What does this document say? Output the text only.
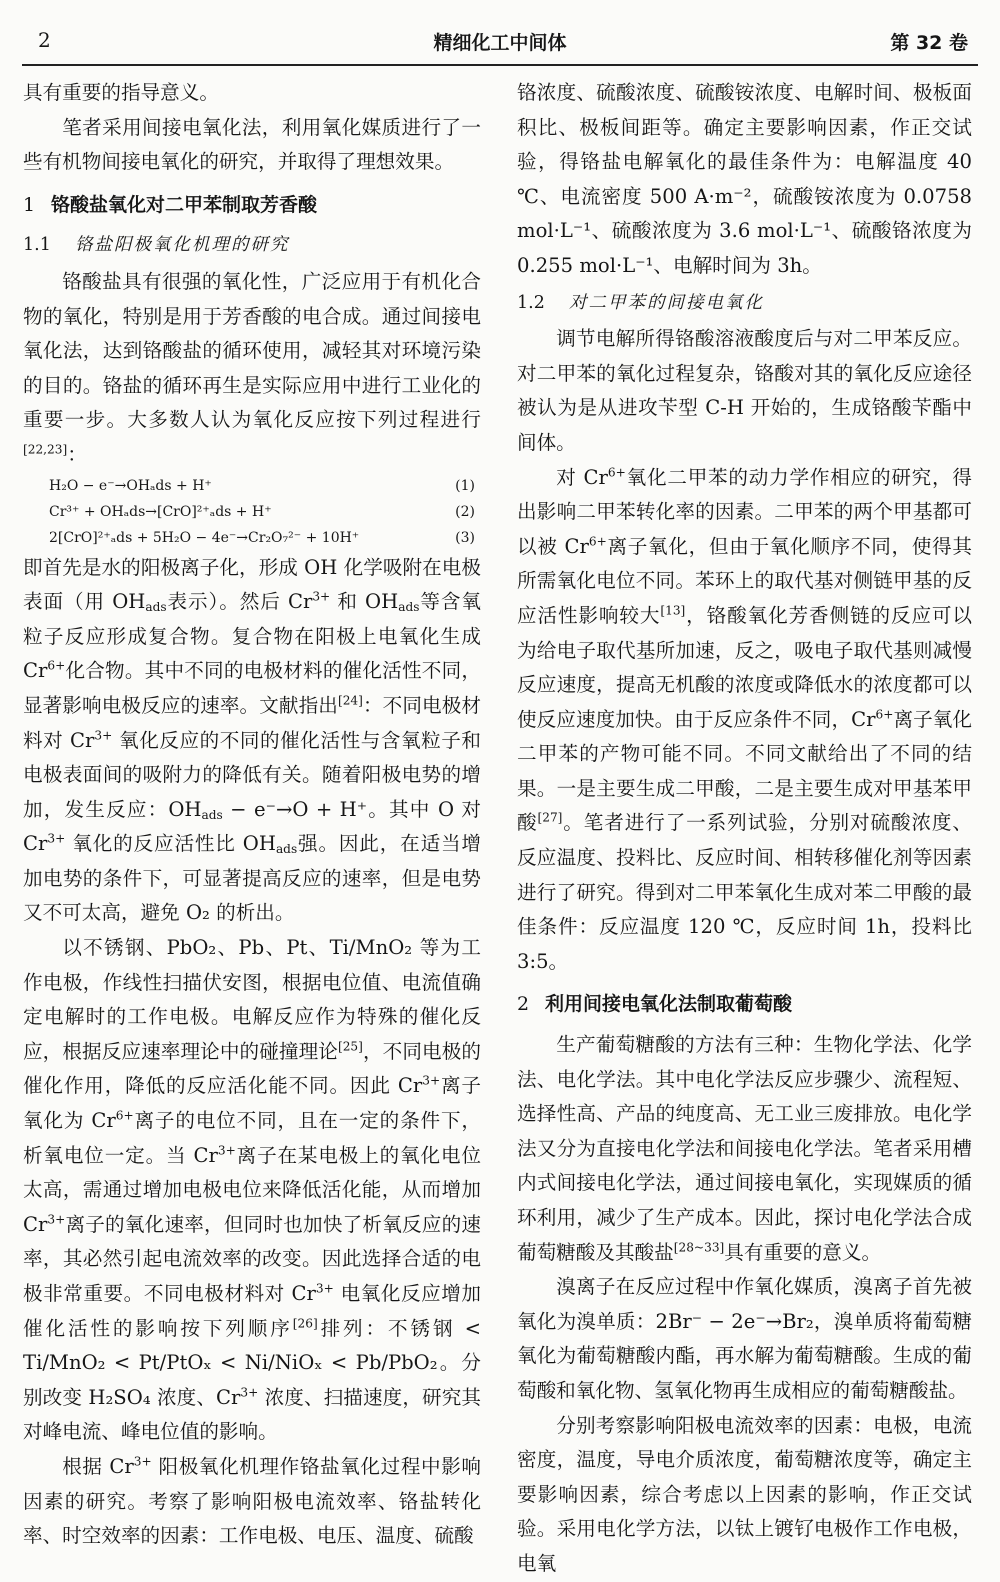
2	精细化工中间体	第 32 卷

具有重要的指导意义。

笔者采用间接电氧化法，利用氧化媒质进行了一些有机物间接电氧化的研究，并取得了理想效果。

1 铬酸盐氧化对二甲苯制取芳香酸
1.1 铬盐阳极氧化机理的研究

铬酸盐具有很强的氧化性，广泛应用于有机化合物的氧化，特别是用于芳香酸的电合成。通过间接电氧化法，达到铬酸盐的循环使用，减轻其对环境污染的目的。铬盐的循环再生是实际应用中进行工业化的重要一步。大多数人认为氧化反应按下列过程进行[22,23]：

H₂O − e⁻→OHₐds + H⁺	(1)
Cr³⁺ + OHₐds→[CrO]²⁺ₐds + H⁺	(2)
2[CrO]²⁺ₐds + 5H₂O − 4e⁻→Cr₂O₇²⁻ + 10H⁺	(3)

即首先是水的阳极离子化，形成 OH 化学吸附在电极表面（用 $OH_{ads}$表示）。然后 $Cr^{3+}$ 和 $OH_{ads}$等含氧粒子反应形成复合物。复合物在阳极上电氧化生成 $Cr^{6+}$化合物。其中不同的电极材料的催化活性不同，显著影响电极反应的速率。文献指出[24]：不同电极材料对 $Cr^{3+}$ 氧化反应的不同的催化活性与含氧粒子和电极表面间的吸附力的降低有关。随着阳极电势的增加，发生反应：$OH_{ads} - e^-\to O + H^+$。其中 O 对 $Cr^{3+}$ 氧化的反应活性比 $OH_{ads}$强。因此，在适当增加电势的条件下，可显著提高反应的速率，但是电势又不可太高，避免 O₂ 的析出。

以不锈钢、PbO₂、Pb、Pt、Ti/MnO₂ 等为工作电极，作线性扫描伏安图，根据电位值、电流值确定电解时的工作电极。电解反应作为特殊的催化反应，根据反应速率理论中的碰撞理论[25]，不同电极的催化作用，降低的反应活化能不同。因此 $Cr^{3+}$离子氧化为 $Cr^{6+}$离子的电位不同，且在一定的条件下，析氧电位一定。当 $Cr^{3+}$离子在某电极上的氧化电位太高，需通过增加电极电位来降低活化能，从而增加 $Cr^{3+}$离子的氧化速率，但同时也加快了析氧反应的速率，其必然引起电流效率的改变。因此选择合适的电极非常重要。不同电极材料对 $Cr^{3+}$ 电氧化反应增加催化活性的影响按下列顺序[26]排列：不锈钢 < Ti/MnO₂ < Pt/PtOₓ < Ni/NiOₓ < Pb/PbO₂。分别改变 H₂SO₄ 浓度、$Cr^{3+}$ 浓度、扫描速度，研究其对峰电流、峰电位值的影响。

根据 $Cr^{3+}$ 阳极氧化机理作铬盐氧化过程中影响因素的研究。考察了影响阳极电流效率、铬盐转化率、时空效率的因素：工作电极、电压、温度、硫酸

铬浓度、硫酸浓度、硫酸铵浓度、电解时间、极板面积比、极板间距等。确定主要影响因素，作正交试验，得铬盐电解氧化的最佳条件为：电解温度 40 ℃、电流密度 500 A·m⁻²，硫酸铵浓度为 0.0758 mol·L⁻¹、硫酸浓度为 3.6 mol·L⁻¹、硫酸铬浓度为 0.255 mol·L⁻¹、电解时间为 3h。

1.2 对二甲苯的间接电氧化

调节电解所得铬酸溶液酸度后与对二甲苯反应。对二甲苯的氧化过程复杂，铬酸对其的氧化反应途径被认为是从进攻苄型 C-H 开始的，生成铬酸苄酯中间体。

对 $Cr^{6+}$氧化二甲苯的动力学作相应的研究，得出影响二甲苯转化率的因素。二甲苯的两个甲基都可以被 $Cr^{6+}$离子氧化，但由于氧化顺序不同，使得其所需氧化电位不同。苯环上的取代基对侧链甲基的反应活性影响较大[13]，铬酸氧化芳香侧链的反应可以为给电子取代基所加速，反之，吸电子取代基则减慢反应速度，提高无机酸的浓度或降低水的浓度都可以使反应速度加快。由于反应条件不同，$Cr^{6+}$离子氧化二甲苯的产物可能不同。不同文献给出了不同的结果。一是主要生成二甲酸，二是主要生成对甲基苯甲酸[27]。笔者进行了一系列试验，分别对硫酸浓度、反应温度、投料比、反应时间、相转移催化剂等因素进行了研究。得到对二甲苯氧化生成对苯二甲酸的最佳条件：反应温度 120 ℃，反应时间 1h，投料比 3:5。

2 利用间接电氧化法制取葡萄酸

生产葡萄糖酸的方法有三种：生物化学法、化学法、电化学法。其中电化学法反应步骤少、流程短、选择性高、产品的纯度高、无工业三废排放。电化学法又分为直接电化学法和间接电化学法。笔者采用槽内式间接电化学法，通过间接电氧化，实现媒质的循环利用，减少了生产成本。因此，探讨电化学法合成葡萄糖酸及其酸盐[28~33]具有重要的意义。

溴离子在反应过程中作氧化媒质，溴离子首先被氧化为溴单质：2Br⁻ − 2e⁻→Br₂，溴单质将葡萄糖氧化为葡萄糖酸内酯，再水解为葡萄糖酸。生成的葡萄酸和氧化物、氢氧化物再生成相应的葡萄糖酸盐。

分别考察影响阳极电流效率的因素：电极，电流密度，温度，导电介质浓度，葡萄糖浓度等，确定主要影响因素，综合考虑以上因素的影响，作正交试验。采用电化学方法，以钛上镀钌电极作工作电极，电氧
